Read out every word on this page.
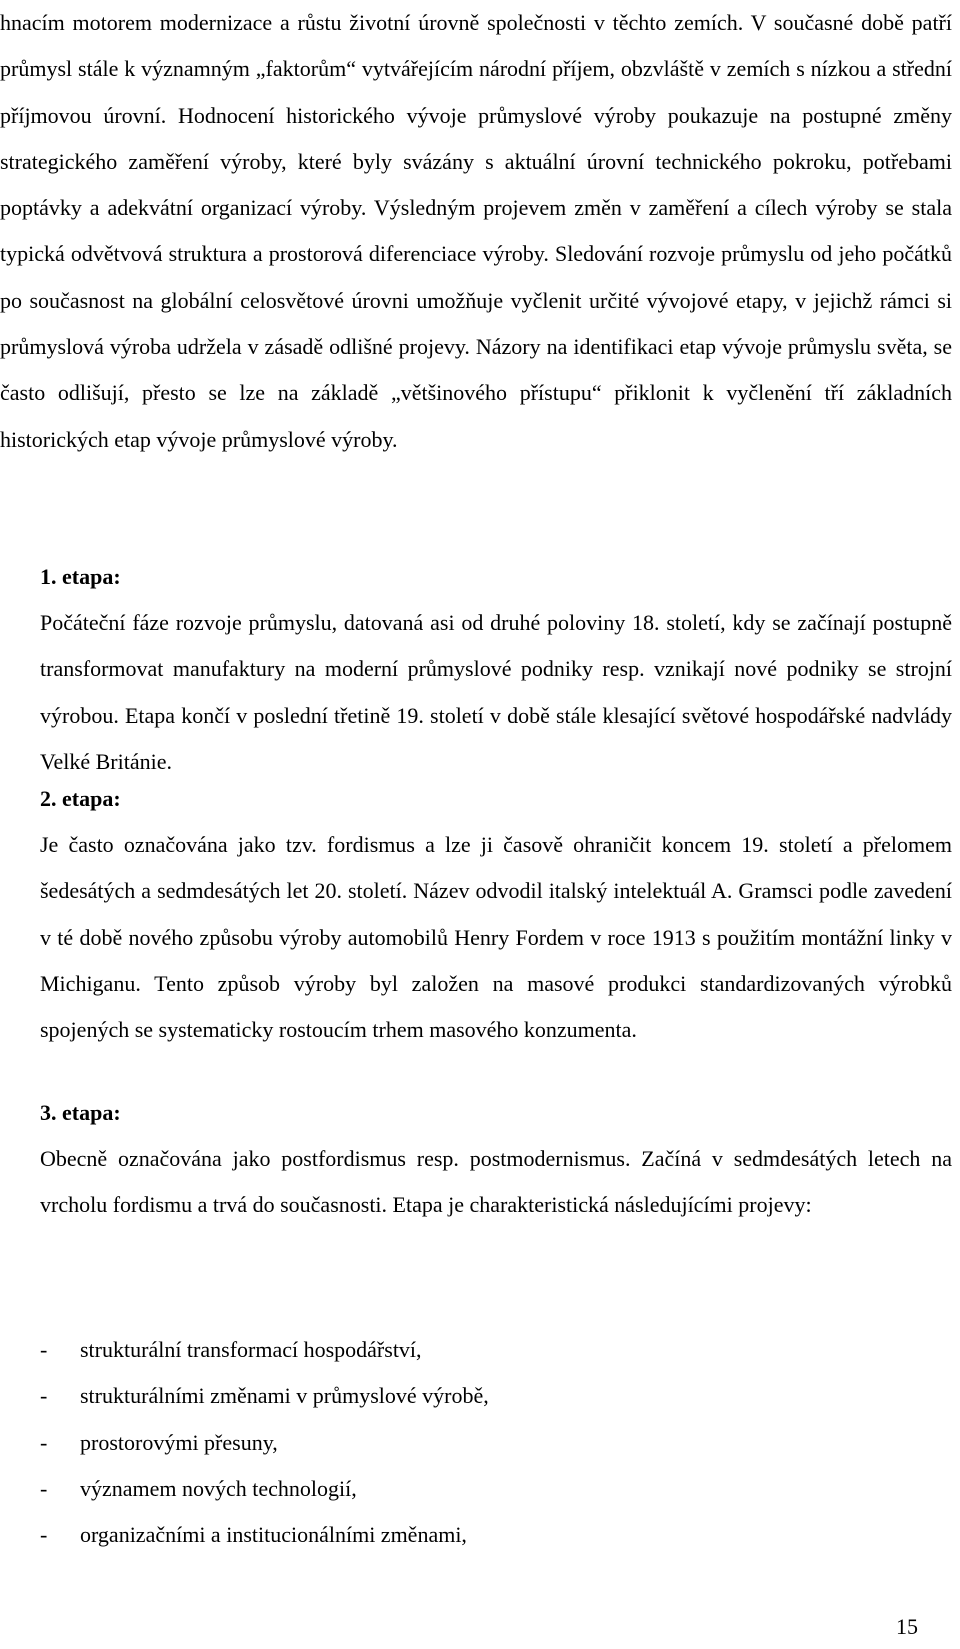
hnacím motorem modernizace a růstu životní úrovně společnosti v těchto zemích. V současné době patří průmysl stále k významným „faktorům“ vytvářejícím národní příjem, obzvláště v zemích s nízkou a střední příjmovou úrovní. Hodnocení historického vývoje průmyslové výroby poukazuje na postupné změny strategického zaměření výroby, které byly svázány s aktuální úrovní technického pokroku, potřebami poptávky a adekvátní organizací výroby. Výsledným projevem změn v zaměření a cílech výroby se stala typická odvětvová struktura a prostorová diferenciace výroby. Sledování rozvoje průmyslu od jeho počátků po současnost na globální celosvětové úrovni umožňuje vyčlenit určité vývojové etapy, v jejichž rámci si průmyslová výroba udržela v zásadě odlišné projevy. Názory na identifikaci etap vývoje průmyslu světa, se často odlišují, přesto se lze na základě „většinového přístupu“ přiklonit k vyčlenění tří základních historických etap vývoje průmyslové výroby.

1. etapa:

Počáteční fáze rozvoje průmyslu, datovaná asi od druhé poloviny 18. století, kdy se začínají postupně transformovat manufaktury na moderní průmyslové podniky resp. vznikají nové podniky se strojní výrobou. Etapa končí v poslední třetině 19. století v době stále klesající světové hospodářské nadvlády Velké Británie.

2. etapa:

Je často označována jako tzv. fordismus a lze ji časově ohraničit koncem 19. století a přelomem šedesátých a sedmdesátých let 20. století. Název odvodil italský intelektuál A. Gramsci podle zavedení v té době nového způsobu výroby automobilů Henry Fordem v roce 1913 s použitím montážní linky v Michiganu. Tento způsob výroby byl založen na masové produkci standardizovaných výrobků spojených se systematicky rostoucím trhem masového konzumenta.

3. etapa:

Obecně označována jako postfordismus resp. postmodernismus. Začíná v sedmdesátých letech na vrcholu fordismu a trvá do současnosti. Etapa je charakteristická následujícími projevy:

- strukturální transformací hospodářství,
- strukturálními změnami v průmyslové výrobě,
- prostorovými přesuny,
- významem nových technologií,
- organizačními a institucionálními změnami,

15
